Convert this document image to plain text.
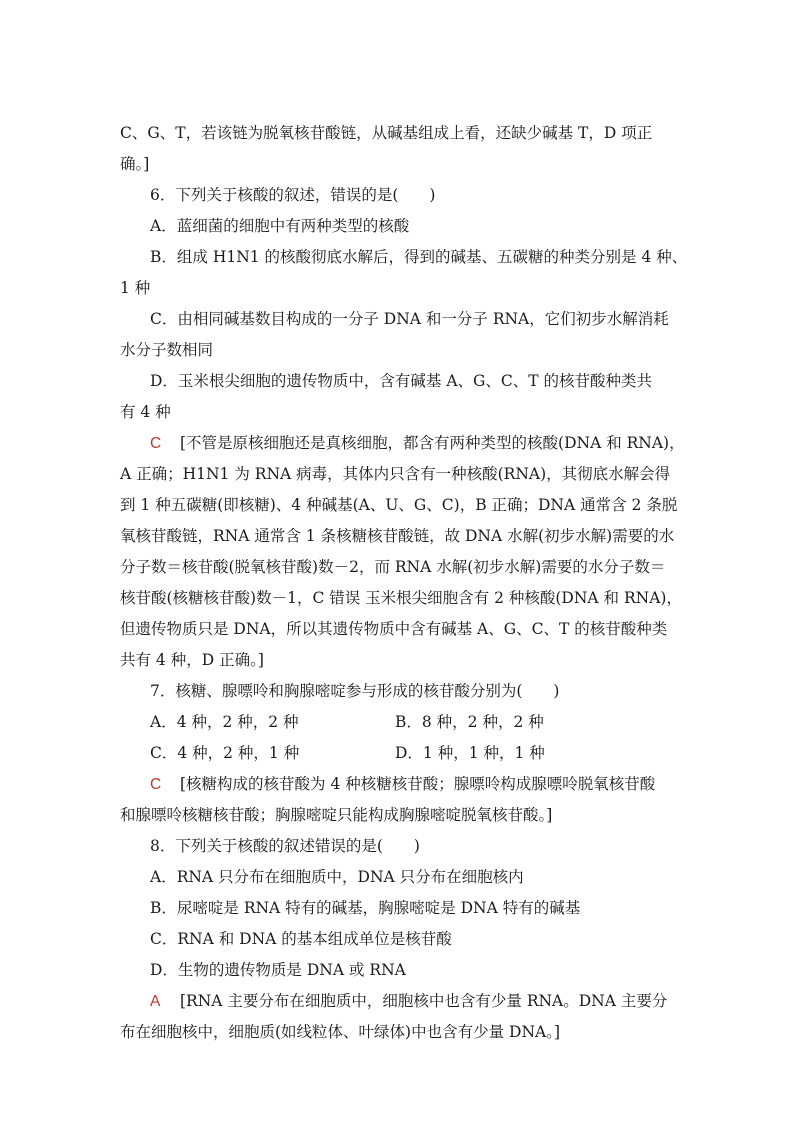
C、G、T，若该链为脱氧核苷酸链，从碱基组成上看，还缺少碱基 T，D 项正
确。]
6．下列关于核酸的叙述，错误的是(　　)
A．蓝细菌的细胞中有两种类型的核酸
B．组成 H1N1 的核酸彻底水解后，得到的碱基、五碳糖的种类分别是 4 种、
1 种
C．由相同碱基数目构成的一分子 DNA 和一分子 RNA，它们初步水解消耗
水分子数相同
D．玉米根尖细胞的遗传物质中，含有碱基 A、G、C、T 的核苷酸种类共
有 4 种
C [不管是原核细胞还是真核细胞，都含有两种类型的核酸(DNA 和 RNA)，
A 正确；H1N1 为 RNA 病毒，其体内只含有一种核酸(RNA)，其彻底水解会得
到 1 种五碳糖(即核糖)、4 种碱基(A、U、G、C)，B 正确；DNA 通常含 2 条脱
氧核苷酸链，RNA 通常含 1 条核糖核苷酸链，故 DNA 水解(初步水解)需要的水
分子数＝核苷酸(脱氧核苷酸)数－2，而 RNA 水解(初步水解)需要的水分子数＝
核苷酸(核糖核苷酸)数－1，C 错误 玉米根尖细胞含有 2 种核酸(DNA 和 RNA)，
但遗传物质只是 DNA，所以其遗传物质中含有碱基 A、G、C、T 的核苷酸种类
共有 4 种，D 正确。]
7．核糖、腺嘌呤和胸腺嘧啶参与形成的核苷酸分别为(　　)
A．4 种，2 种，2 种	B．8 种，2 种，2 种
C．4 种，2 种，1 种	D．1 种，1 种，1 种
C [核糖构成的核苷酸为 4 种核糖核苷酸；腺嘌呤构成腺嘌呤脱氧核苷酸
和腺嘌呤核糖核苷酸；胸腺嘧啶只能构成胸腺嘧啶脱氧核苷酸。]
8．下列关于核酸的叙述错误的是(　　)
A．RNA 只分布在细胞质中，DNA 只分布在细胞核内
B．尿嘧啶是 RNA 特有的碱基，胸腺嘧啶是 DNA 特有的碱基
C．RNA 和 DNA 的基本组成单位是核苷酸
D．生物的遗传物质是 DNA 或 RNA
A [RNA 主要分布在细胞质中，细胞核中也含有少量 RNA。DNA 主要分
布在细胞核中，细胞质(如线粒体、叶绿体)中也含有少量 DNA。]
